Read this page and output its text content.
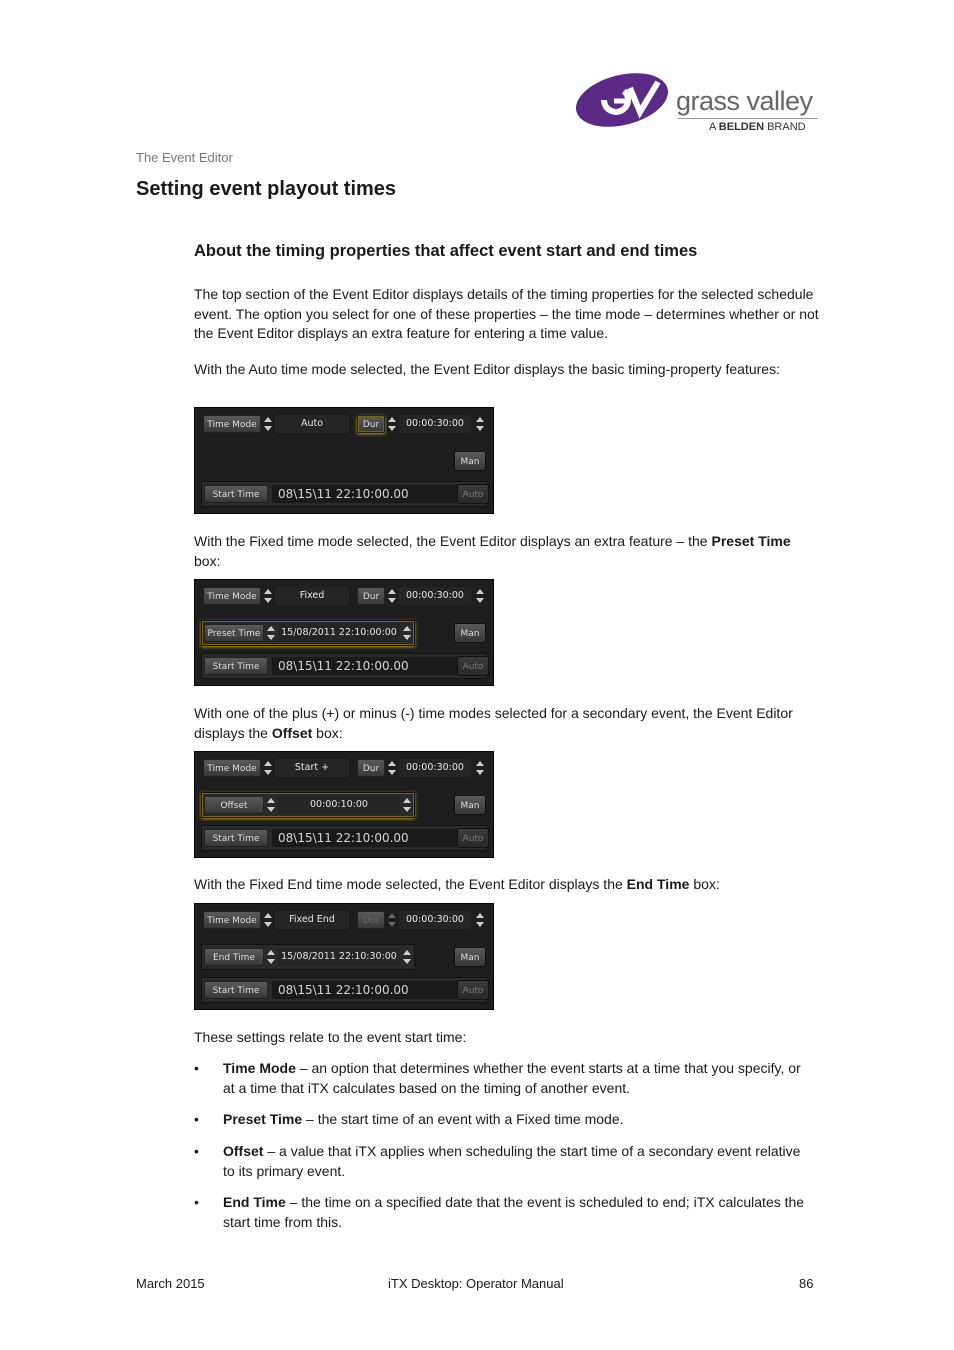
grass valley
A BELDEN BRAND
The Event Editor
Setting event playout times
About the timing properties that affect event start and end times

The top section of the Event Editor displays details of the timing properties for the selected schedule event. The option you select for one of these properties – the time mode – determines whether or not the Event Editor displays an extra feature for entering a time value.

With the Auto time mode selected, the Event Editor displays the basic timing-property features:

Time Mode	Auto	Dur	00:00:30:00
Man
Start Time	08\15\11 22:10:00.00	Auto

With the Fixed time mode selected, the Event Editor displays an extra feature – the Preset Time box:

Time Mode	Fixed	Dur	00:00:30:00
Preset Time	15/08/2011 22:10:00:00	Man
Start Time	08\15\11 22:10:00.00	Auto

With one of the plus (+) or minus (-) time modes selected for a secondary event, the Event Editor displays the Offset box:

Time Mode	Start +	Dur	00:00:30:00
Offset	00:00:10:00	Man
Start Time	08\15\11 22:10:00.00	Auto

With the Fixed End time mode selected, the Event Editor displays the End Time box:

Time Mode	Fixed End	Dur	00:00:30:00
End Time	15/08/2011 22:10:30:00	Man
Start Time	08\15\11 22:10:00.00	Auto

These settings relate to the event start time:

• Time Mode – an option that determines whether the event starts at a time that you specify, or at a time that iTX calculates based on the timing of another event.
• Preset Time – the start time of an event with a Fixed time mode.
• Offset – a value that iTX applies when scheduling the start time of a secondary event relative to its primary event.
• End Time – the time on a specified date that the event is scheduled to end; iTX calculates the start time from this.
March 2015	iTX Desktop: Operator Manual	86
